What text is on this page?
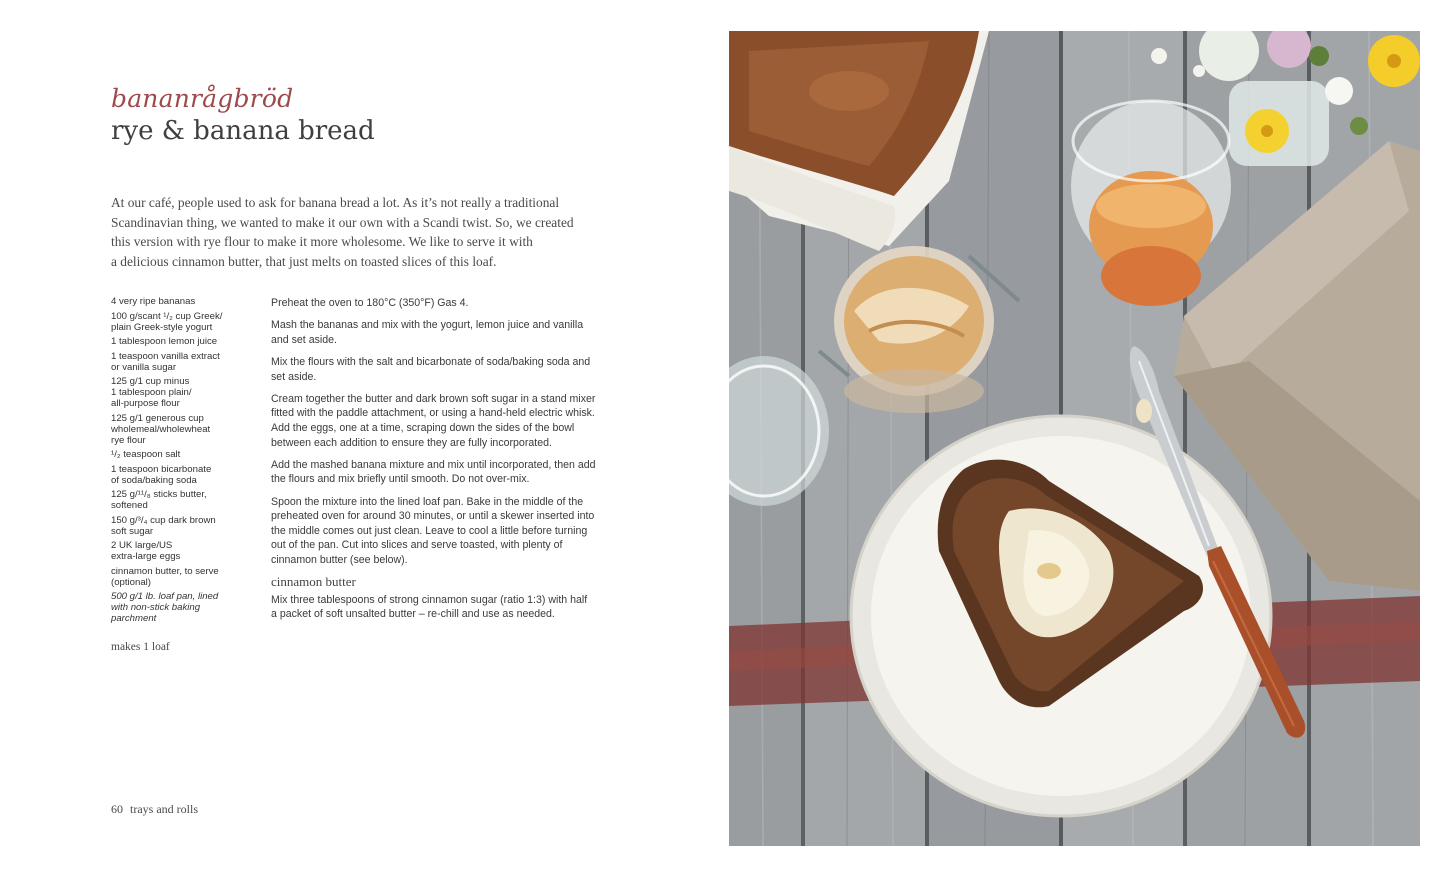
bananrågbröd
rye & banana bread
At our café, people used to ask for banana bread a lot. As it’s not really a traditional
Scandinavian thing, we wanted to make it our own with a Scandi twist. So, we created
this version with rye flour to make it more wholesome. We like to serve it with
a delicious cinnamon butter, that just melts on toasted slices of this loaf.
4 very ripe bananas
100 g/scant ¹/₂ cup Greek/
plain Greek-style yogurt
1 tablespoon lemon juice
1 teaspoon vanilla extract
or vanilla sugar
125 g/1 cup minus
1 tablespoon plain/
all-purpose flour
125 g/1 generous cup
wholemeal/wholewheat
rye flour
¹/₂ teaspoon salt
1 teaspoon bicarbonate
of soda/baking soda
125 g/¹¹/₈ sticks butter,
softened
150 g/³/₄ cup dark brown
soft sugar
2 UK large/US
extra-large eggs
cinnamon butter, to serve
(optional)
500 g/1 lb. loaf pan, lined
with non-stick baking
parchment
makes 1 loaf
Preheat the oven to 180°C (350°F) Gas 4.
Mash the bananas and mix with the yogurt, lemon juice and vanilla
and set aside.
Mix the flours with the salt and bicarbonate of soda/baking soda and
set aside.
Cream together the butter and dark brown soft sugar in a stand mixer
fitted with the paddle attachment, or using a hand-held electric whisk.
Add the eggs, one at a time, scraping down the sides of the bowl
between each addition to ensure they are fully incorporated.
Add the mashed banana mixture and mix until incorporated, then add
the flours and mix briefly until smooth. Do not over-mix.
Spoon the mixture into the lined loaf pan. Bake in the middle of the
preheated oven for around 30 minutes, or until a skewer inserted into
the middle comes out just clean. Leave to cool a little before turning
out of the pan. Cut into slices and serve toasted, with plenty of
cinnamon butter (see below).
cinnamon butter
Mix three tablespoons of strong cinnamon sugar (ratio 1:3) with half
a packet of soft unsalted butter – re-chill and use as needed.
60 trays and rolls
